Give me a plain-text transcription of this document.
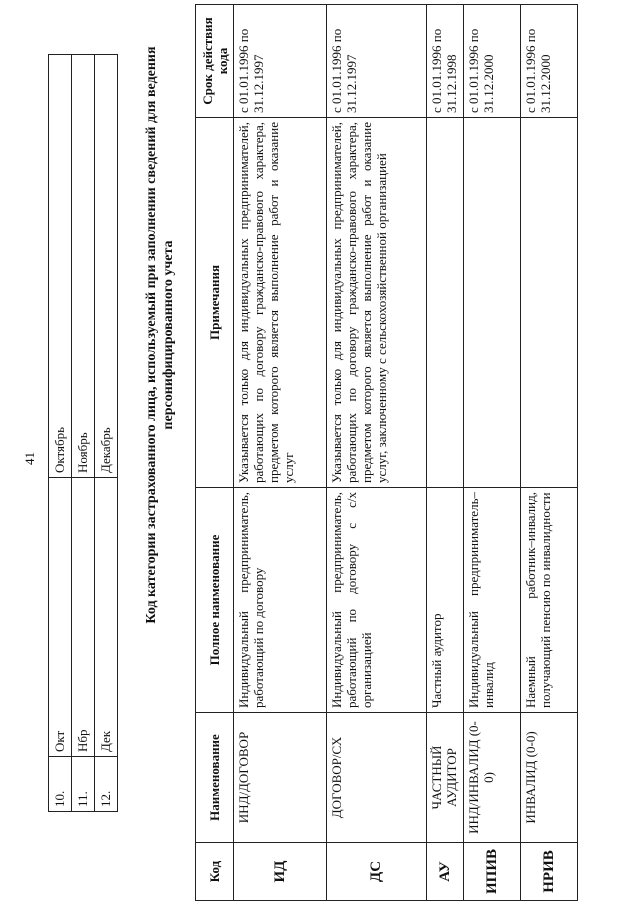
41
10.	Окт	Октябрь
11.	Нбр	Ноябрь
12.	Дек	Декабрь Код категории застрахованного лица, используемый при заполнении сведений для ведения персонифицированного учета
Код	Наименование	Полное наименование	Примечания	Срок действия кода
ИД	ИНД/ДОГОВОР	Индивидуальный предприниматель, работающий по договору	Указывается только для индивидуальных предпринимателей, работающих по договору гражданско-правового характера, предметом которого является выполнение работ и оказание услуг	с 01.01.1996 по 31.12.1997
ДС	ДОГОВОР/СХ	Индивидуальный предприниматель, работающий по договору с с/х организацией	Указывается только для индивидуальных предпринимателей, работающих по договору гражданско-правового характера, предметом которого является выполнение работ и оказание услуг, заключенному с сельскохозяйственной организацией	с 01.01.1996 по 31.12.1997
АУ	ЧАСТНЫЙ АУДИТОР	Частный аудитор		с 01.01.1996 по 31.12.1998
ИПИВ	ИНД/ИНВАЛИД (0-0)	Индивидуальный предприниматель–инвалид		с 01.01.1996 по 31.12.2000
НРИВ	ИНВАЛИД (0-0)	Наемный работник–инвалид, получающий пенсию по инвалидности		с 01.01.1996 по 31.12.2000
